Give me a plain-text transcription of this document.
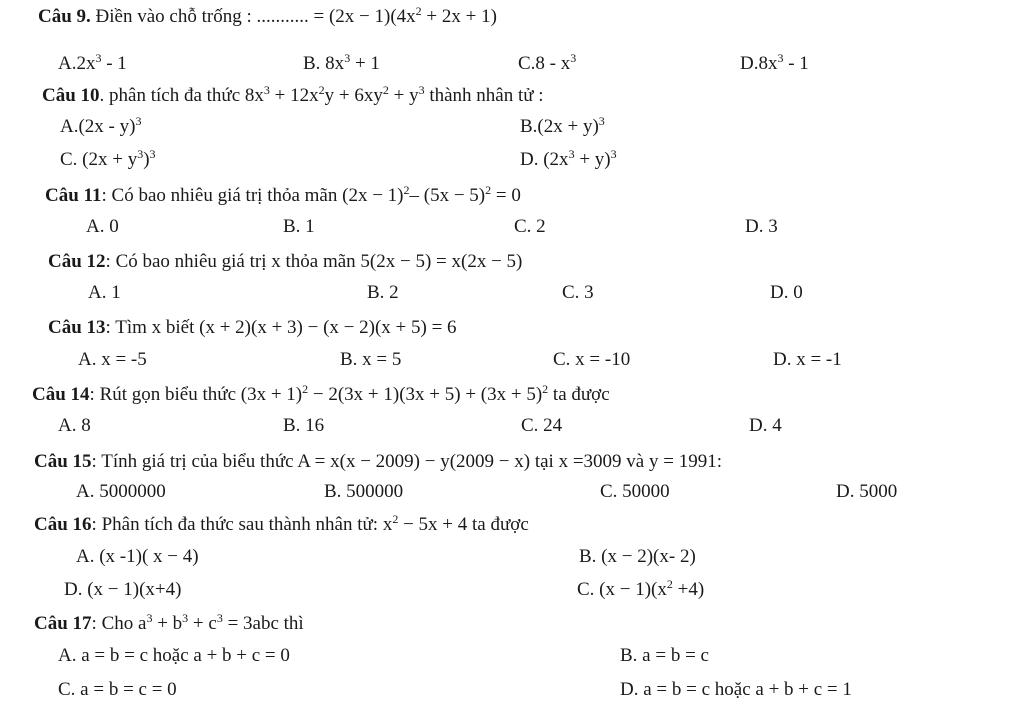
Câu 9. Điền vào chỗ trống : ........... = $(2x - 1)(4x^2 + 2x + 1)$
$A.2x^3 - 1$	B. $8x^3 + 1$	$C.8 - x^3$	$D.8x^3 - 1$
Câu 10. phân tích đa thức $8x^3 + 12x^2y + 6xy^2 + y^3$ thành nhân tử :
A.(2x - y)$^3$	$B.(2x + y)^3$
C. $(2x + y^3)^3$	D. $(2x^3 + y)^3$
Câu 11: Có bao nhiêu giá trị thỏa mãn $(2x - 1)^2-$ $(5x - 5)^2 = 0$
A. 0	B. 1	C. 2	D. 3
Câu 12: Có bao nhiêu giá trị x thỏa mãn 5(2x − 5) = x(2x − 5)
A. 1	B. 2	C. 3	D. 0
Câu 13: Tìm x biết (x + 2)(x + 3) − (x − 2)(x + 5) = 6
A. x = -5	B. x = 5	C. x = -10	D. x = -1
Câu 14: Rút gọn biểu thức $(3x + 1)^2 - 2(3x + 1)(3x + 5) + (3x + 5)^2$ ta được
A. 8	B. 16	C. 24	D. 4
Câu 15: Tính giá trị của biểu thức A = x(x − 2009) − y(2009 − x) tại x =3009 và y = 1991:
A. 5000000	B. 500000	C. 50000	D. 5000
Câu 16: Phân tích đa thức sau thành nhân tử: $x^2 - 5x + 4$ ta được
A. (x -1)( x − 4)	B. (x − 2)(x- 2)
D. (x − 1)(x+4)	C. $(x - 1)(x^2 +4)$
Câu 17: Cho $a^3 + b^3 + c^3 = 3abc$ thì
A. a = b = c hoặc a + b + c = 0	B. a = b = c
C. a = b = c = 0	D. a = b = c hoặc a + b + c = 1
